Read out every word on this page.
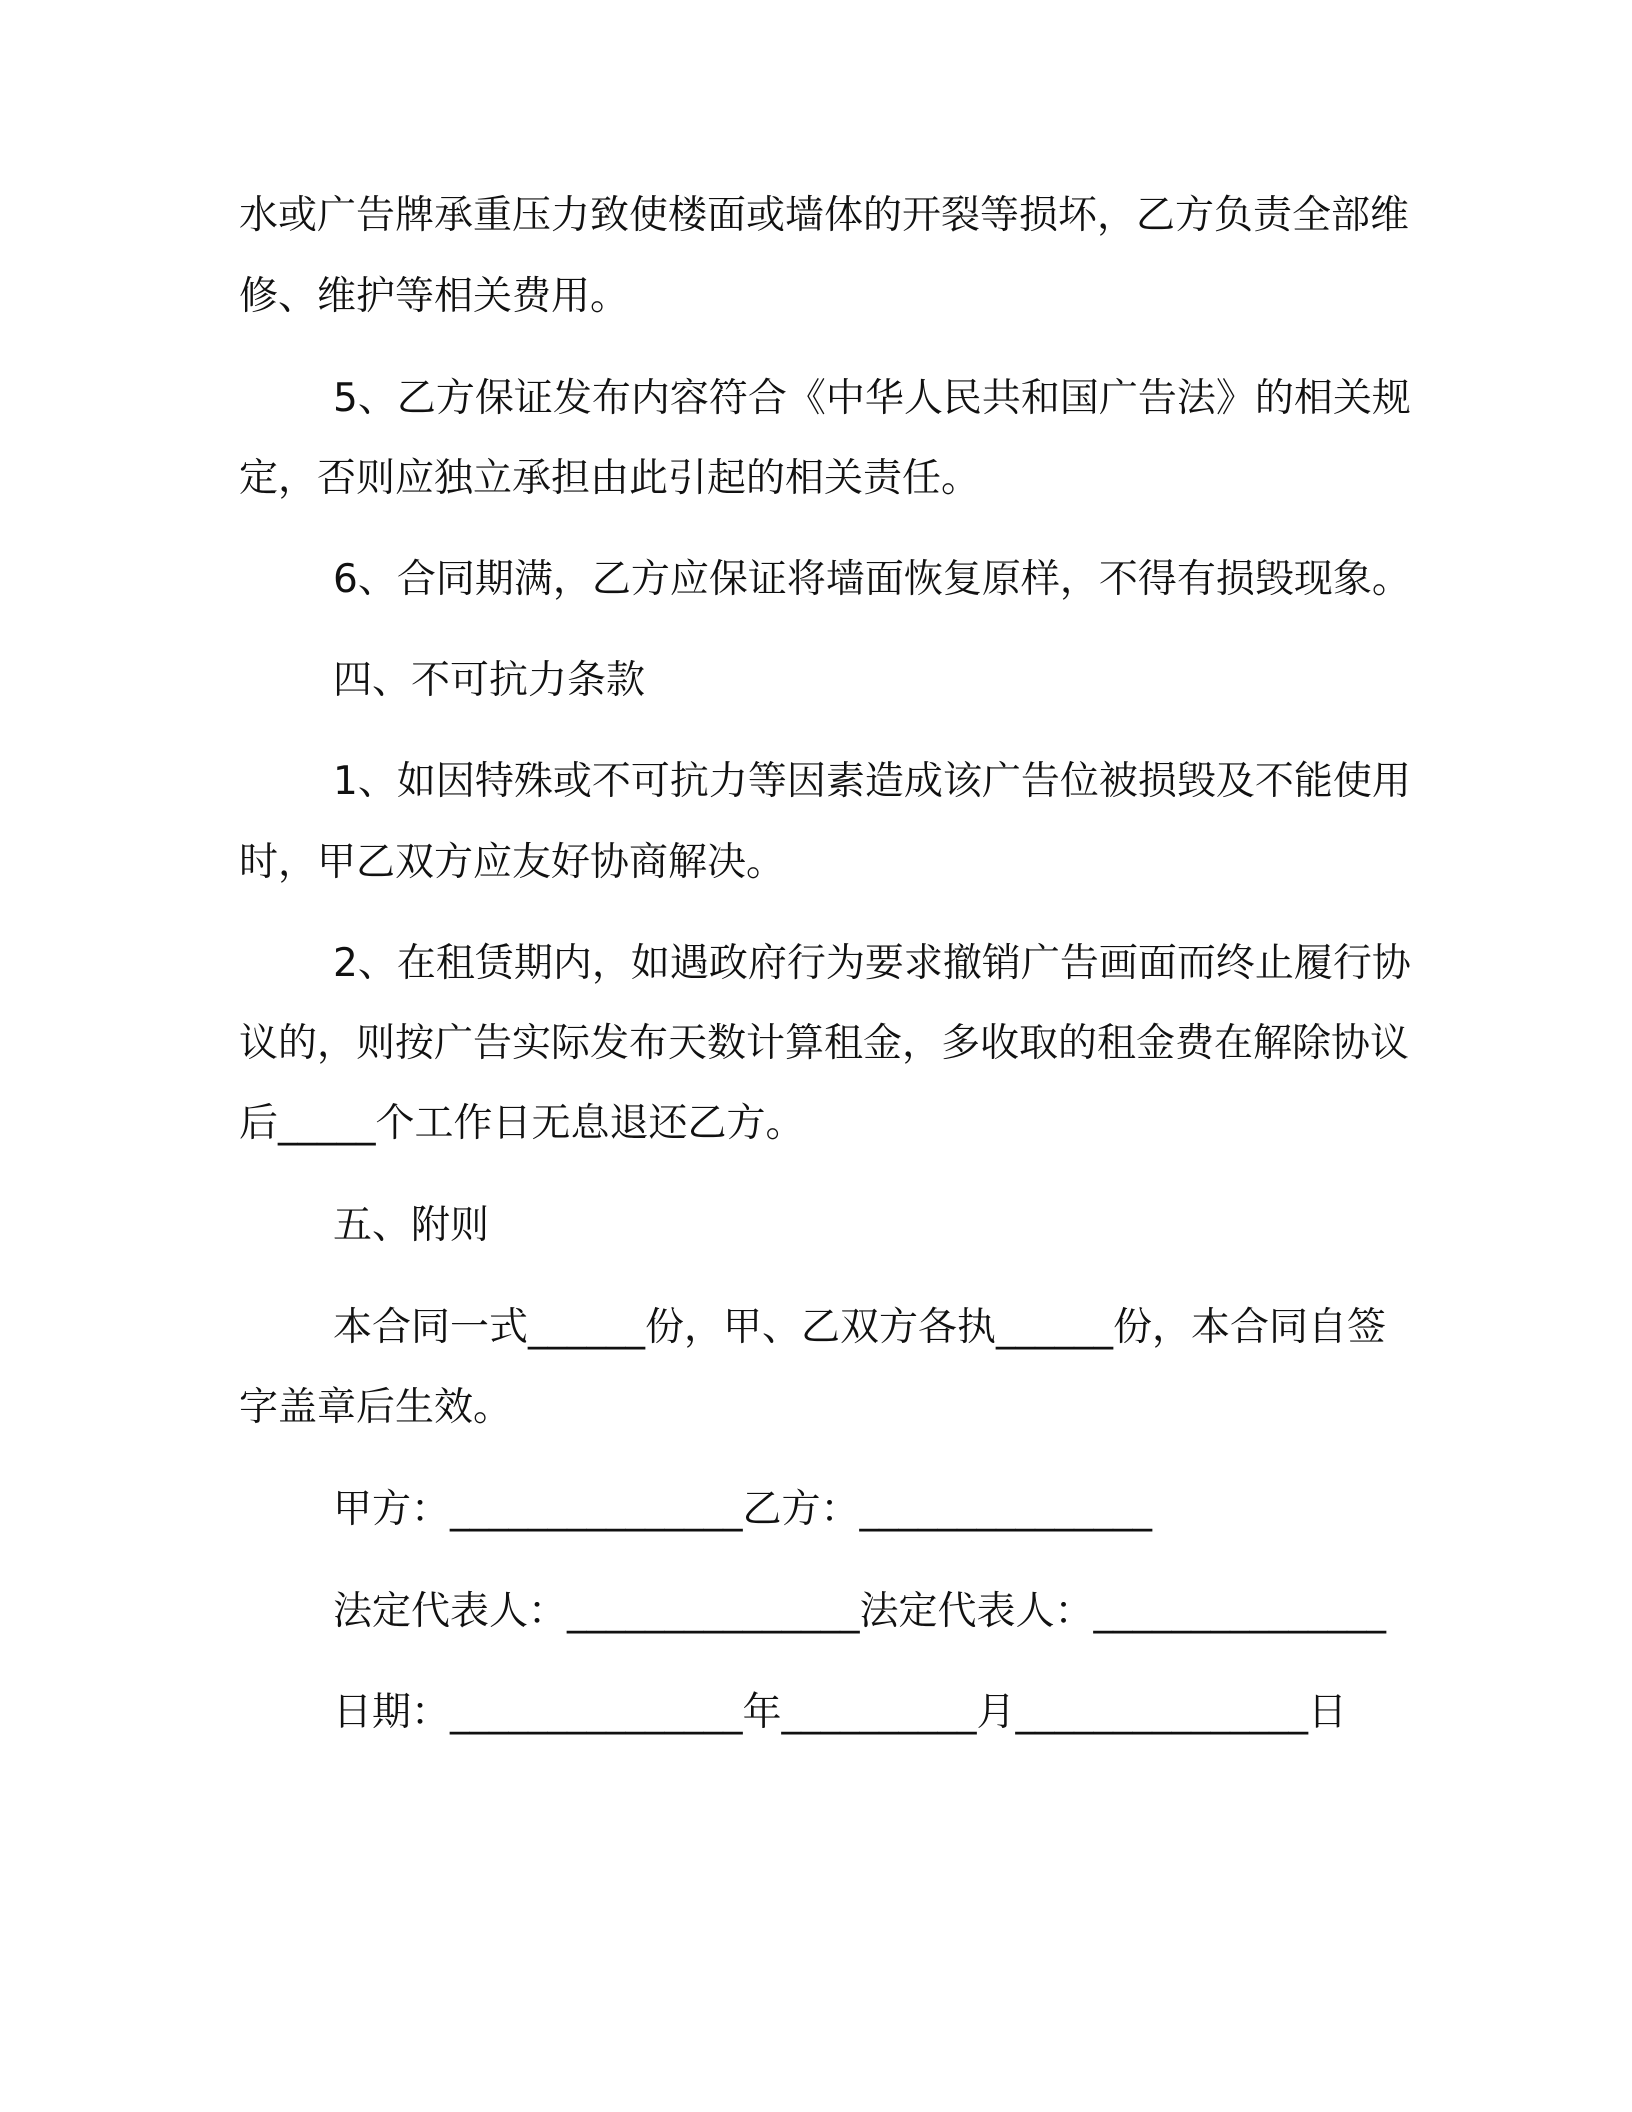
水或广告牌承重压力致使楼面或墙体的开裂等损坏，乙方负责全部维
修、维护等相关费用。
5、乙方保证发布内容符合《中华人民共和国广告法》的相关规
定，否则应独立承担由此引起的相关责任。
6、合同期满，乙方应保证将墙面恢复原样，不得有损毁现象。
四、不可抗力条款
1、如因特殊或不可抗力等因素造成该广告位被损毁及不能使用
时，甲乙双方应友好协商解决。
2、在租赁期内，如遇政府行为要求撤销广告画面而终止履行协
议的，则按广告实际发布天数计算租金，多收取的租金费在解除协议
后_____个工作日无息退还乙方。
五、附则
本合同一式______份，甲、乙双方各执______份，本合同自签
字盖章后生效。
甲方：_______________乙方：_______________
法定代表人：_______________法定代表人：_______________
日期：_______________年__________月_______________日
